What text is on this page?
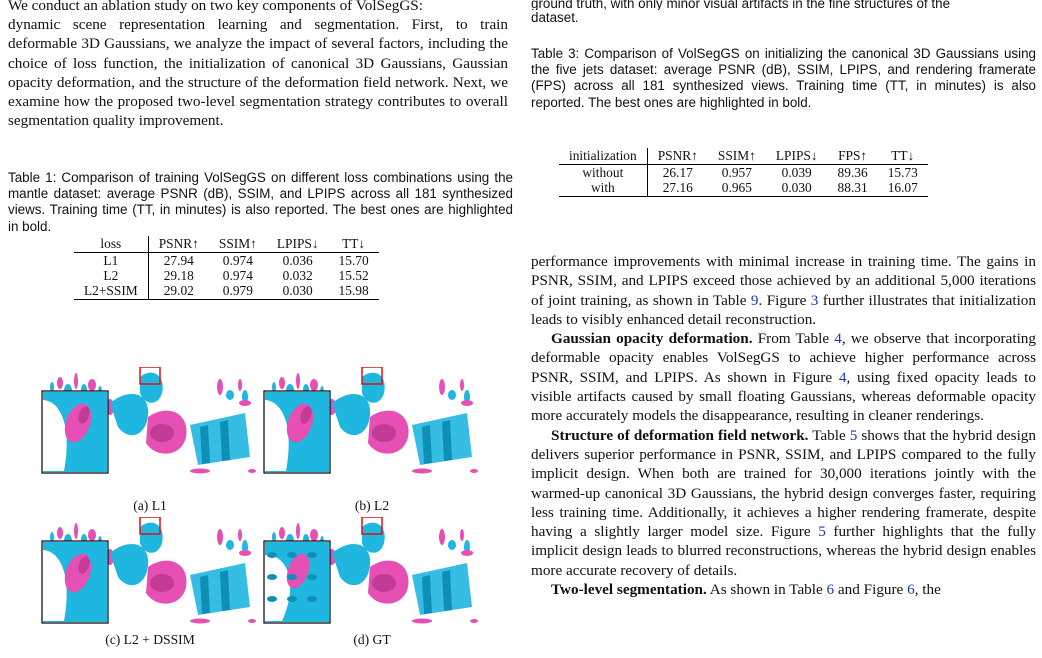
We conduct an ablation study on two key components of VolSegGS:
dynamic scene representation learning and segmentation. First, to train deformable 3D Gaussians, we analyze the impact of several factors, including the choice of loss function, the initialization of canonical 3D Gaussians, Gaussian opacity deformation, and the structure of the deformation field network. Next, we examine how the proposed two-level segmentation strategy contributes to overall segmentation quality improvement.
Table 1: Comparison of training VolSegGS on different loss combinations using the mantle dataset: average PSNR (dB), SSIM, and LPIPS across all 181 synthesized views. Training time (TT, in minutes) is also reported. The best ones are highlighted in bold.
loss	PSNR↑	SSIM↑	LPIPS↓	TT↓
L1	27.94	0.974	0.036	15.70
L2	29.18	0.974	0.032	15.52
L2+SSIM	29.02	0.979	0.030	15.98
(a) L1	(b) L2
(c) L2 + DSSIM	(d) GT
ground truth, with only minor visual artifacts in the fine structures of the
dataset.
Table 3: Comparison of VolSegGS on initializing the canonical 3D Gaussians using the five jets dataset: average PSNR (dB), SSIM, LPIPS, and rendering framerate (FPS) across all 181 synthesized views. Training time (TT, in minutes) is also reported. The best ones are highlighted in bold.
initialization	PSNR↑	SSIM↑	LPIPS↓	FPS↑	TT↓
without	26.17	0.957	0.039	89.36	15.73
with	27.16	0.965	0.030	88.31	16.07

performance improvements with minimal increase in training time. The gains in PSNR, SSIM, and LPIPS exceed those achieved by an additional 5,000 iterations of joint training, as shown in Table 9. Figure 3 further illustrates that initialization leads to visibly enhanced detail reconstruction.

Gaussian opacity deformation. From Table 4, we observe that incorporating deformable opacity enables VolSegGS to achieve higher performance across PSNR, SSIM, and LPIPS. As shown in Figure 4, using fixed opacity leads to visible artifacts caused by small floating Gaussians, whereas deformable opacity more accurately models the disappearance, resulting in cleaner renderings.

Structure of deformation field network. Table 5 shows that the hybrid design delivers superior performance in PSNR, SSIM, and LPIPS compared to the fully implicit design. When both are trained for 30,000 iterations jointly with the warmed-up canonical 3D Gaussians, the hybrid design converges faster, requiring less training time. Additionally, it achieves a higher rendering framerate, despite having a slightly larger model size. Figure 5 further highlights that the fully implicit design leads to blurred reconstructions, whereas the hybrid design enables more accurate recovery of details.

Two-level segmentation. As shown in Table 6 and Figure 6, the
